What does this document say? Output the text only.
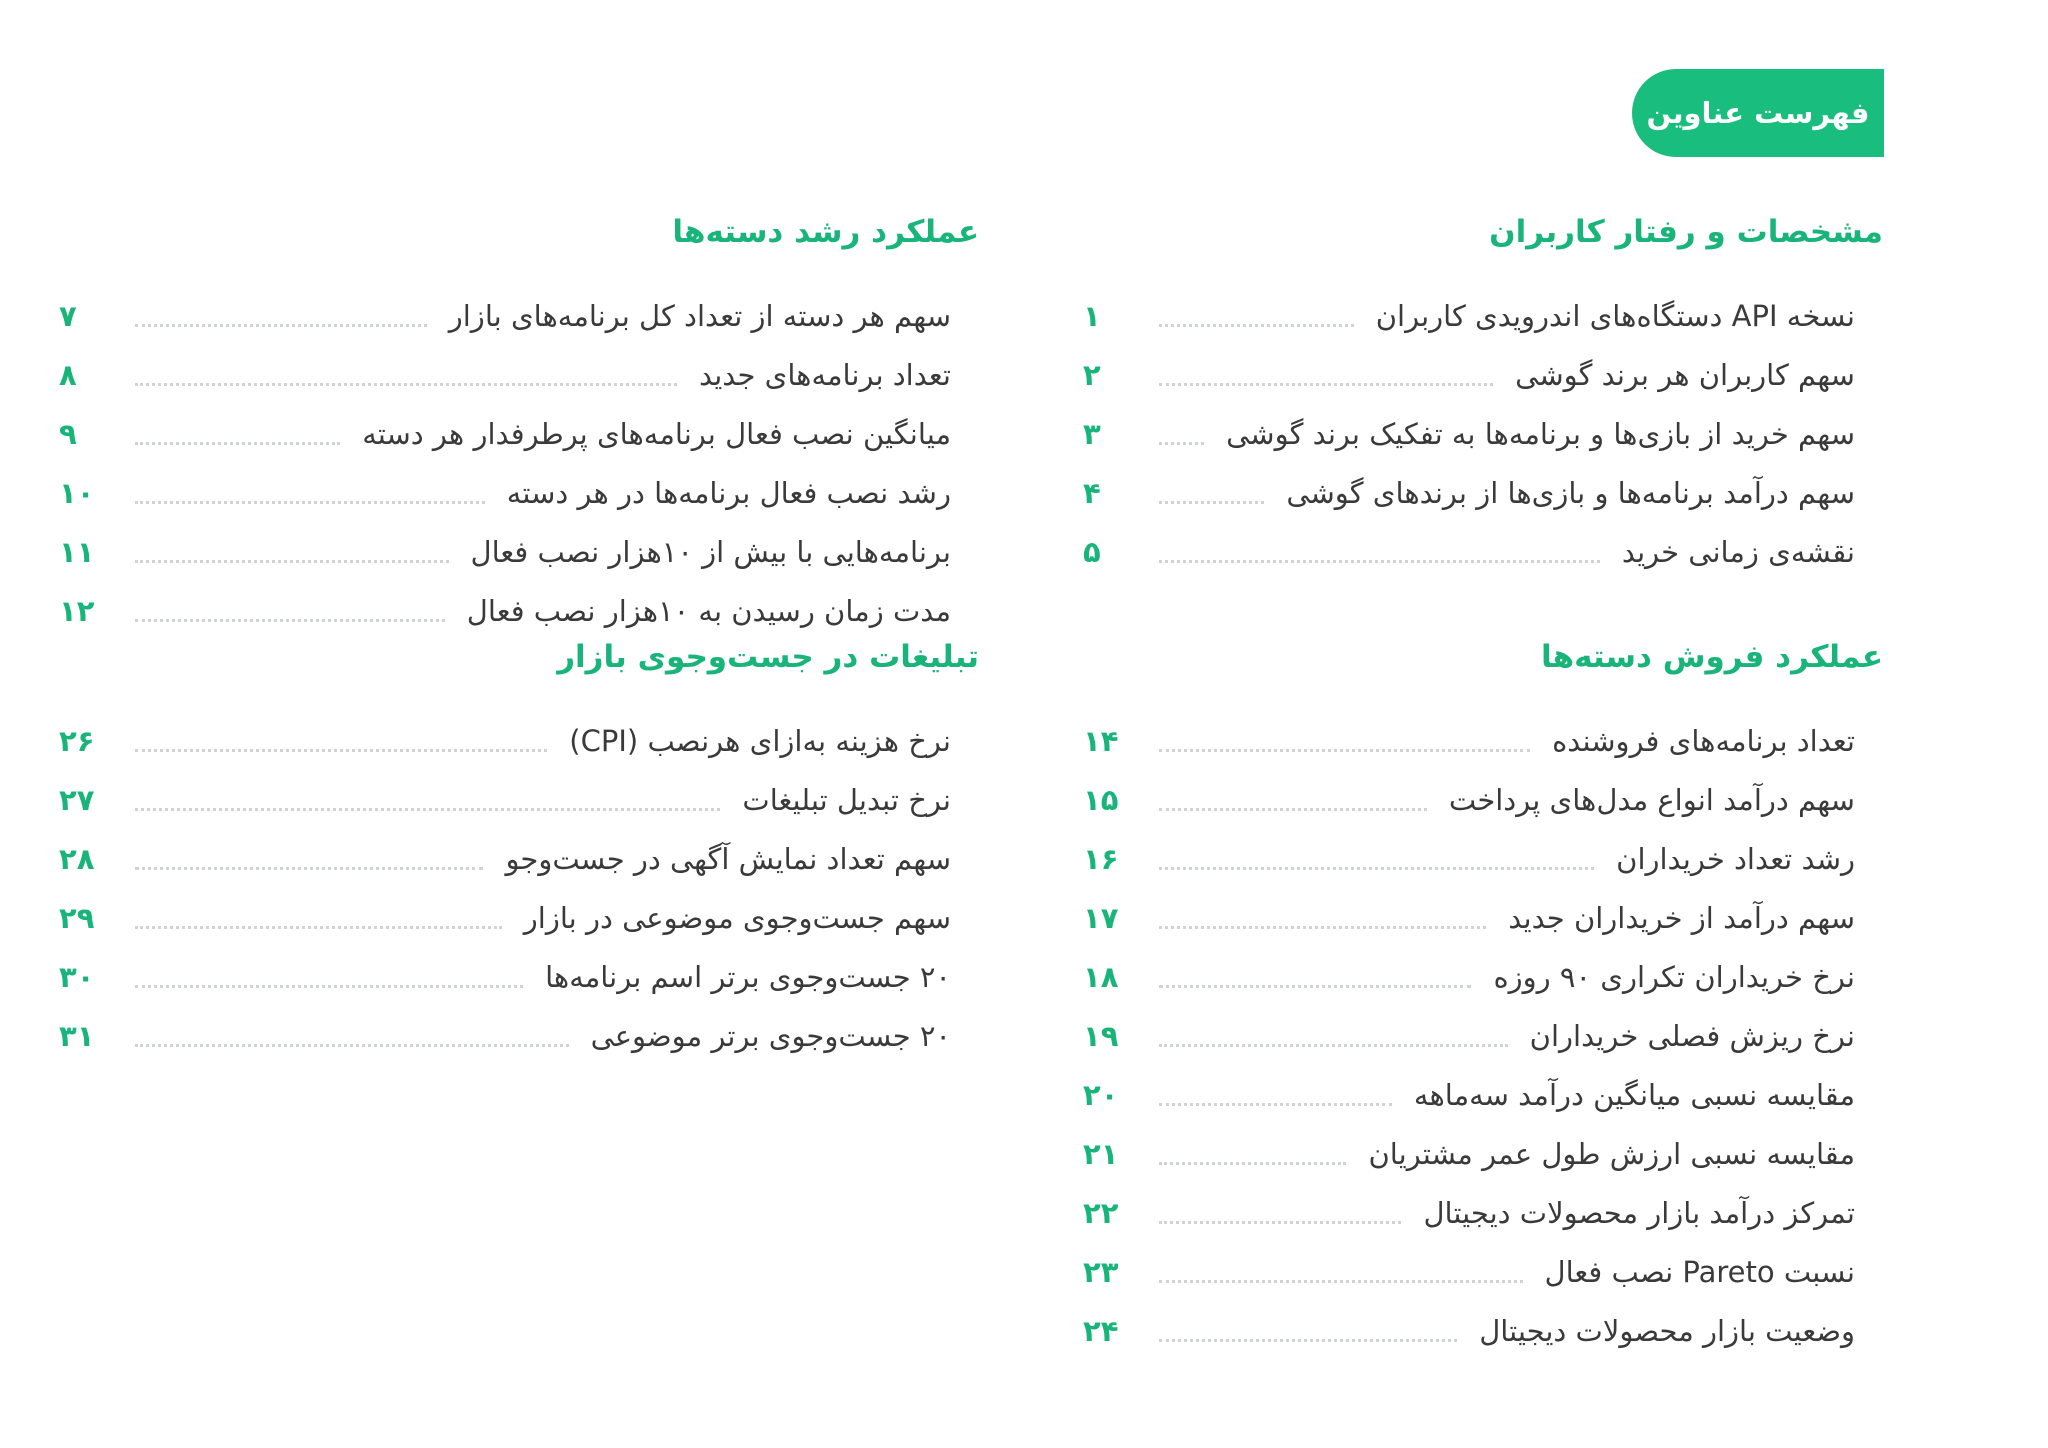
فهرست عناوین
مشخصات و رفتار کاربران
نسخه API دستگاه‌های اندرویدی کاربران
۱
سهم کاربران هر برند گوشی
۲
سهم خرید از بازی‌ها و برنامه‌ها به تفکیک برند گوشی
۳
سهم درآمد برنامه‌ها و بازی‌ها از برندهای گوشی
۴
نقشه‌ی زمانی خرید
۵
عملکرد رشد دسته‌ها
سهم هر دسته از تعداد کل برنامه‌های بازار
۷
تعداد برنامه‌های جدید
۸
میانگین نصب فعال برنامه‌های پرطرفدار هر دسته
۹
رشد نصب فعال برنامه‌ها در هر دسته
۱۰
برنامه‌هایی با بیش از ۱۰هزار نصب فعال
۱۱
مدت زمان رسیدن به ۱۰هزار نصب فعال
۱۲
عملکرد فروش دسته‌ها
تعداد برنامه‌های فروشنده
۱۴
سهم درآمد انواع مدل‌های پرداخت
۱۵
رشد تعداد خریداران
۱۶
سهم درآمد از خریداران جدید
۱۷
نرخ خریداران تکراری ۹۰ روزه
۱۸
نرخ ریزش فصلی خریداران
۱۹
مقایسه نسبی میانگین درآمد سه‌ماهه
۲۰
مقایسه نسبی ارزش طول عمر مشتریان
۲۱
تمرکز درآمد بازار محصولات دیجیتال
۲۲
نسبت Pareto نصب فعال
۲۳
وضعیت بازار محصولات دیجیتال
۲۴
تبلیغات در جست‌وجوی بازار
نرخ هزینه به‌ازای هرنصب (CPI)
۲۶
نرخ تبدیل تبلیغات
۲۷
سهم تعداد نمایش آگهی در جست‌وجو
۲۸
سهم جست‌وجوی موضوعی در بازار
۲۹
۲۰ جست‌وجوی برتر اسم برنامه‌ها
۳۰
۲۰ جست‌وجوی برتر موضوعی
۳۱
